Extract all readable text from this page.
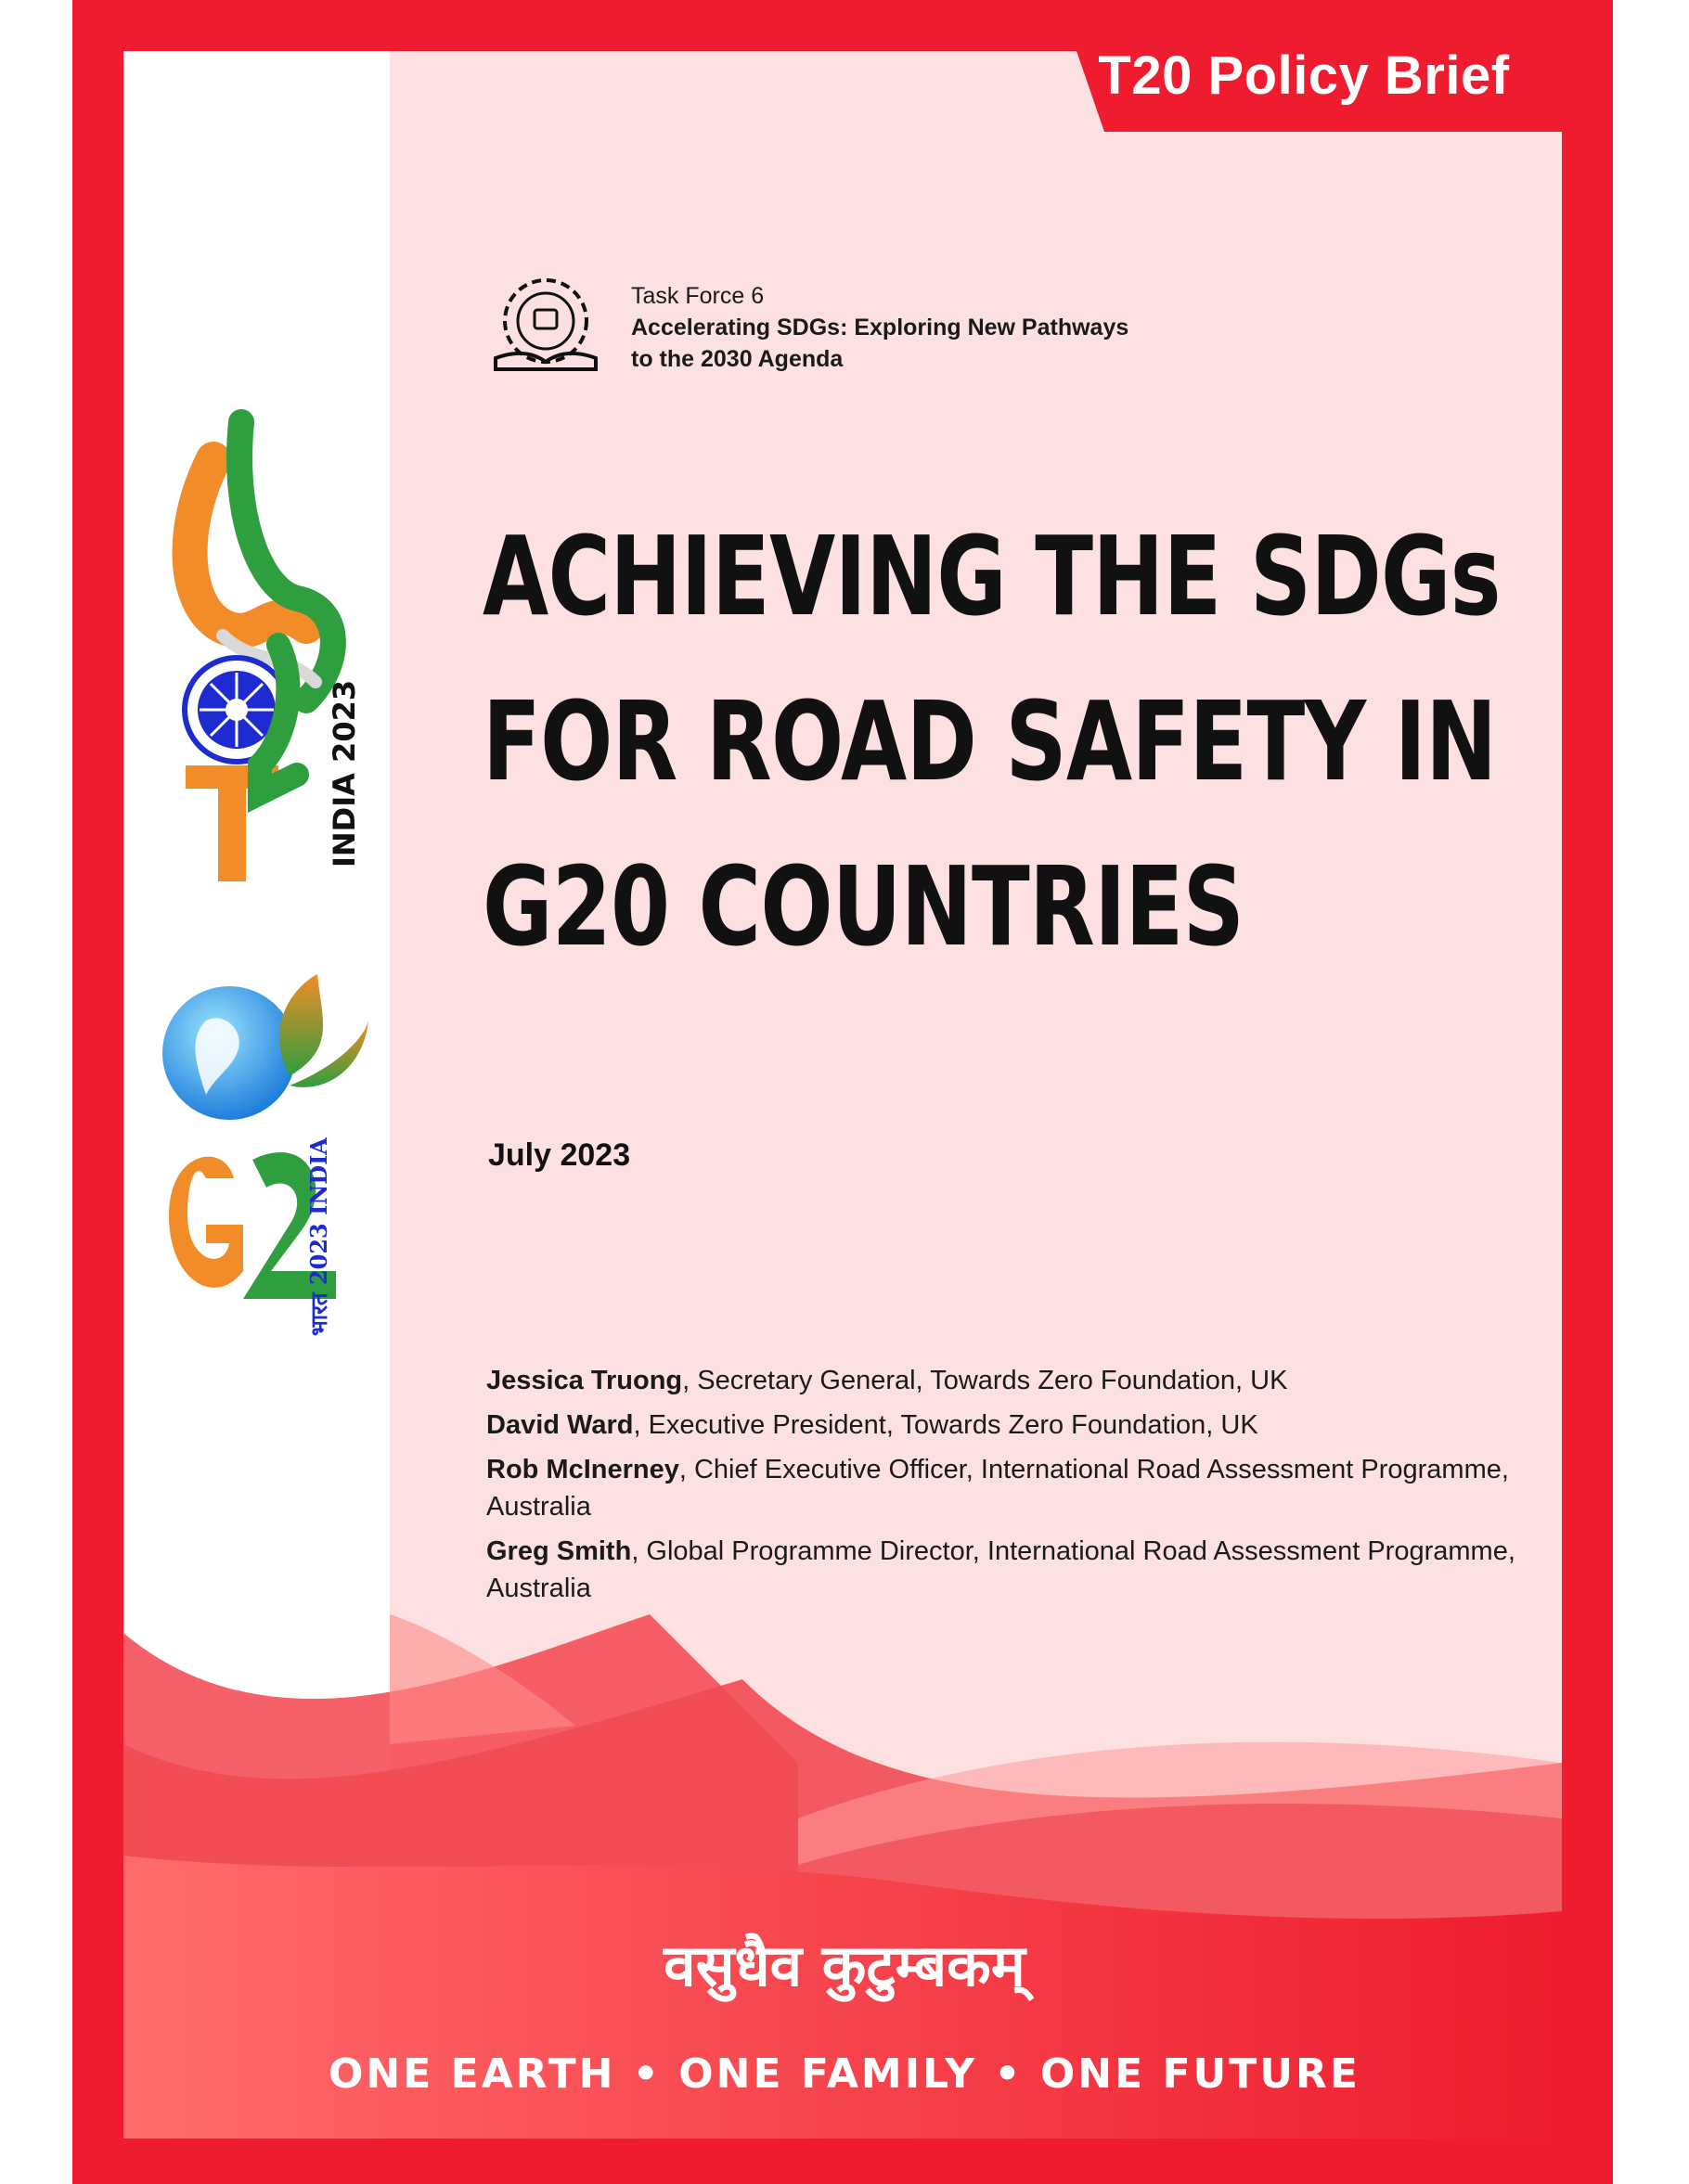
T20 Policy Brief
Task Force 6
Accelerating SDGs: Exploring New Pathways to the 2030 Agenda
ACHIEVING THE SDGs
FOR ROAD SAFETY IN
G20 COUNTRIES
July 2023
Jessica Truong, Secretary General, Towards Zero Foundation, UK
David Ward, Executive President, Towards Zero Foundation, UK
Rob McInerney, Chief Executive Officer, International Road Assessment Programme, Australia
Greg Smith, Global Programme Director, International Road Assessment Programme, Australia
INDIA 2023
भारत 2023 INDIA
वसुधैव कुटुम्बकम्
ONE EARTH • ONE FAMILY • ONE FUTURE
